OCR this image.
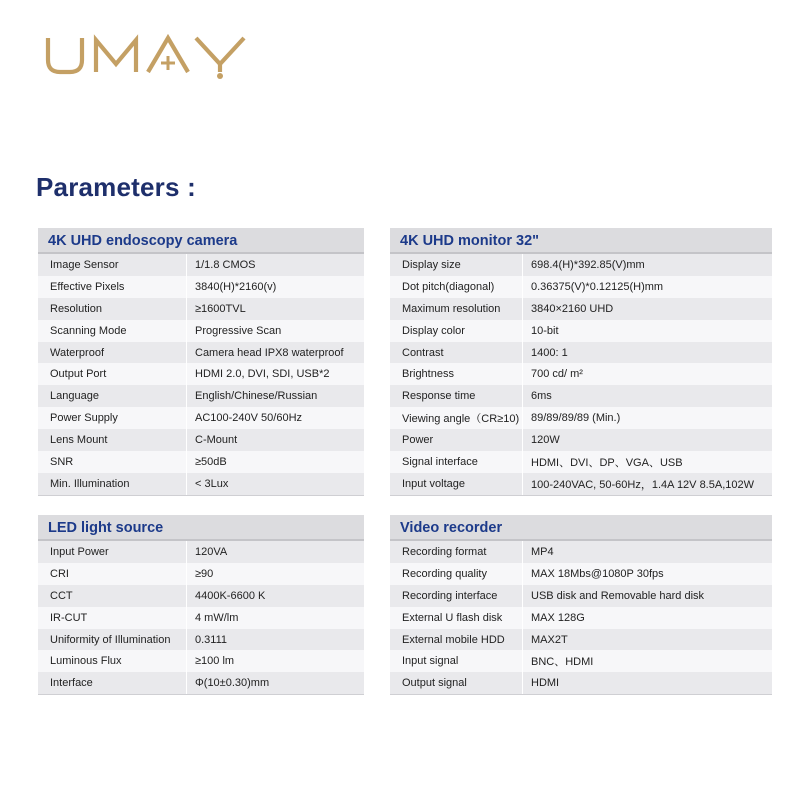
Parameters :
4K UHD endoscopy camera
Image Sensor	1/1.8 CMOS
Effective Pixels	3840(H)*2160(v)
Resolution	≥1600TVL
Scanning Mode	Progressive Scan
Waterproof	Camera head IPX8 waterproof
Output Port	HDMI 2.0, DVI, SDI, USB*2
Language	English/Chinese/Russian
Power Supply	AC100-240V 50/60Hz
Lens Mount	C-Mount
SNR	≥50dB
Min. Illumination	< 3Lux
4K UHD monitor 32"
Display size	698.4(H)*392.85(V)mm
Dot pitch(diagonal)	0.36375(V)*0.12125(H)mm
Maximum resolution	3840×2160 UHD
Display color	10-bit
Contrast	1400: 1
Brightness	700 cd/ m²
Response time	6ms
Viewing angle（CR≥10)	89/89/89/89 (Min.)
Power	120W
Signal interface	HDMI、DVI、DP、VGA、USB
Input voltage	100-240VAC, 50-60Hz，1.4A 12V 8.5A,102W
LED light source
Input Power	120VA
CRI	≥90
CCT	4400K-6600 K
IR-CUT	4 mW/lm
Uniformity of Illumination	0.3111
Luminous Flux	≥100 lm
Interface	Φ(10±0.30)mm
Video recorder
Recording format	MP4
Recording quality	MAX 18Mbs@1080P 30fps
Recording interface	USB disk and Removable hard disk
External U flash disk	MAX 128G
External mobile HDD	MAX2T
Input signal	BNC、HDMI
Output signal	HDMI
